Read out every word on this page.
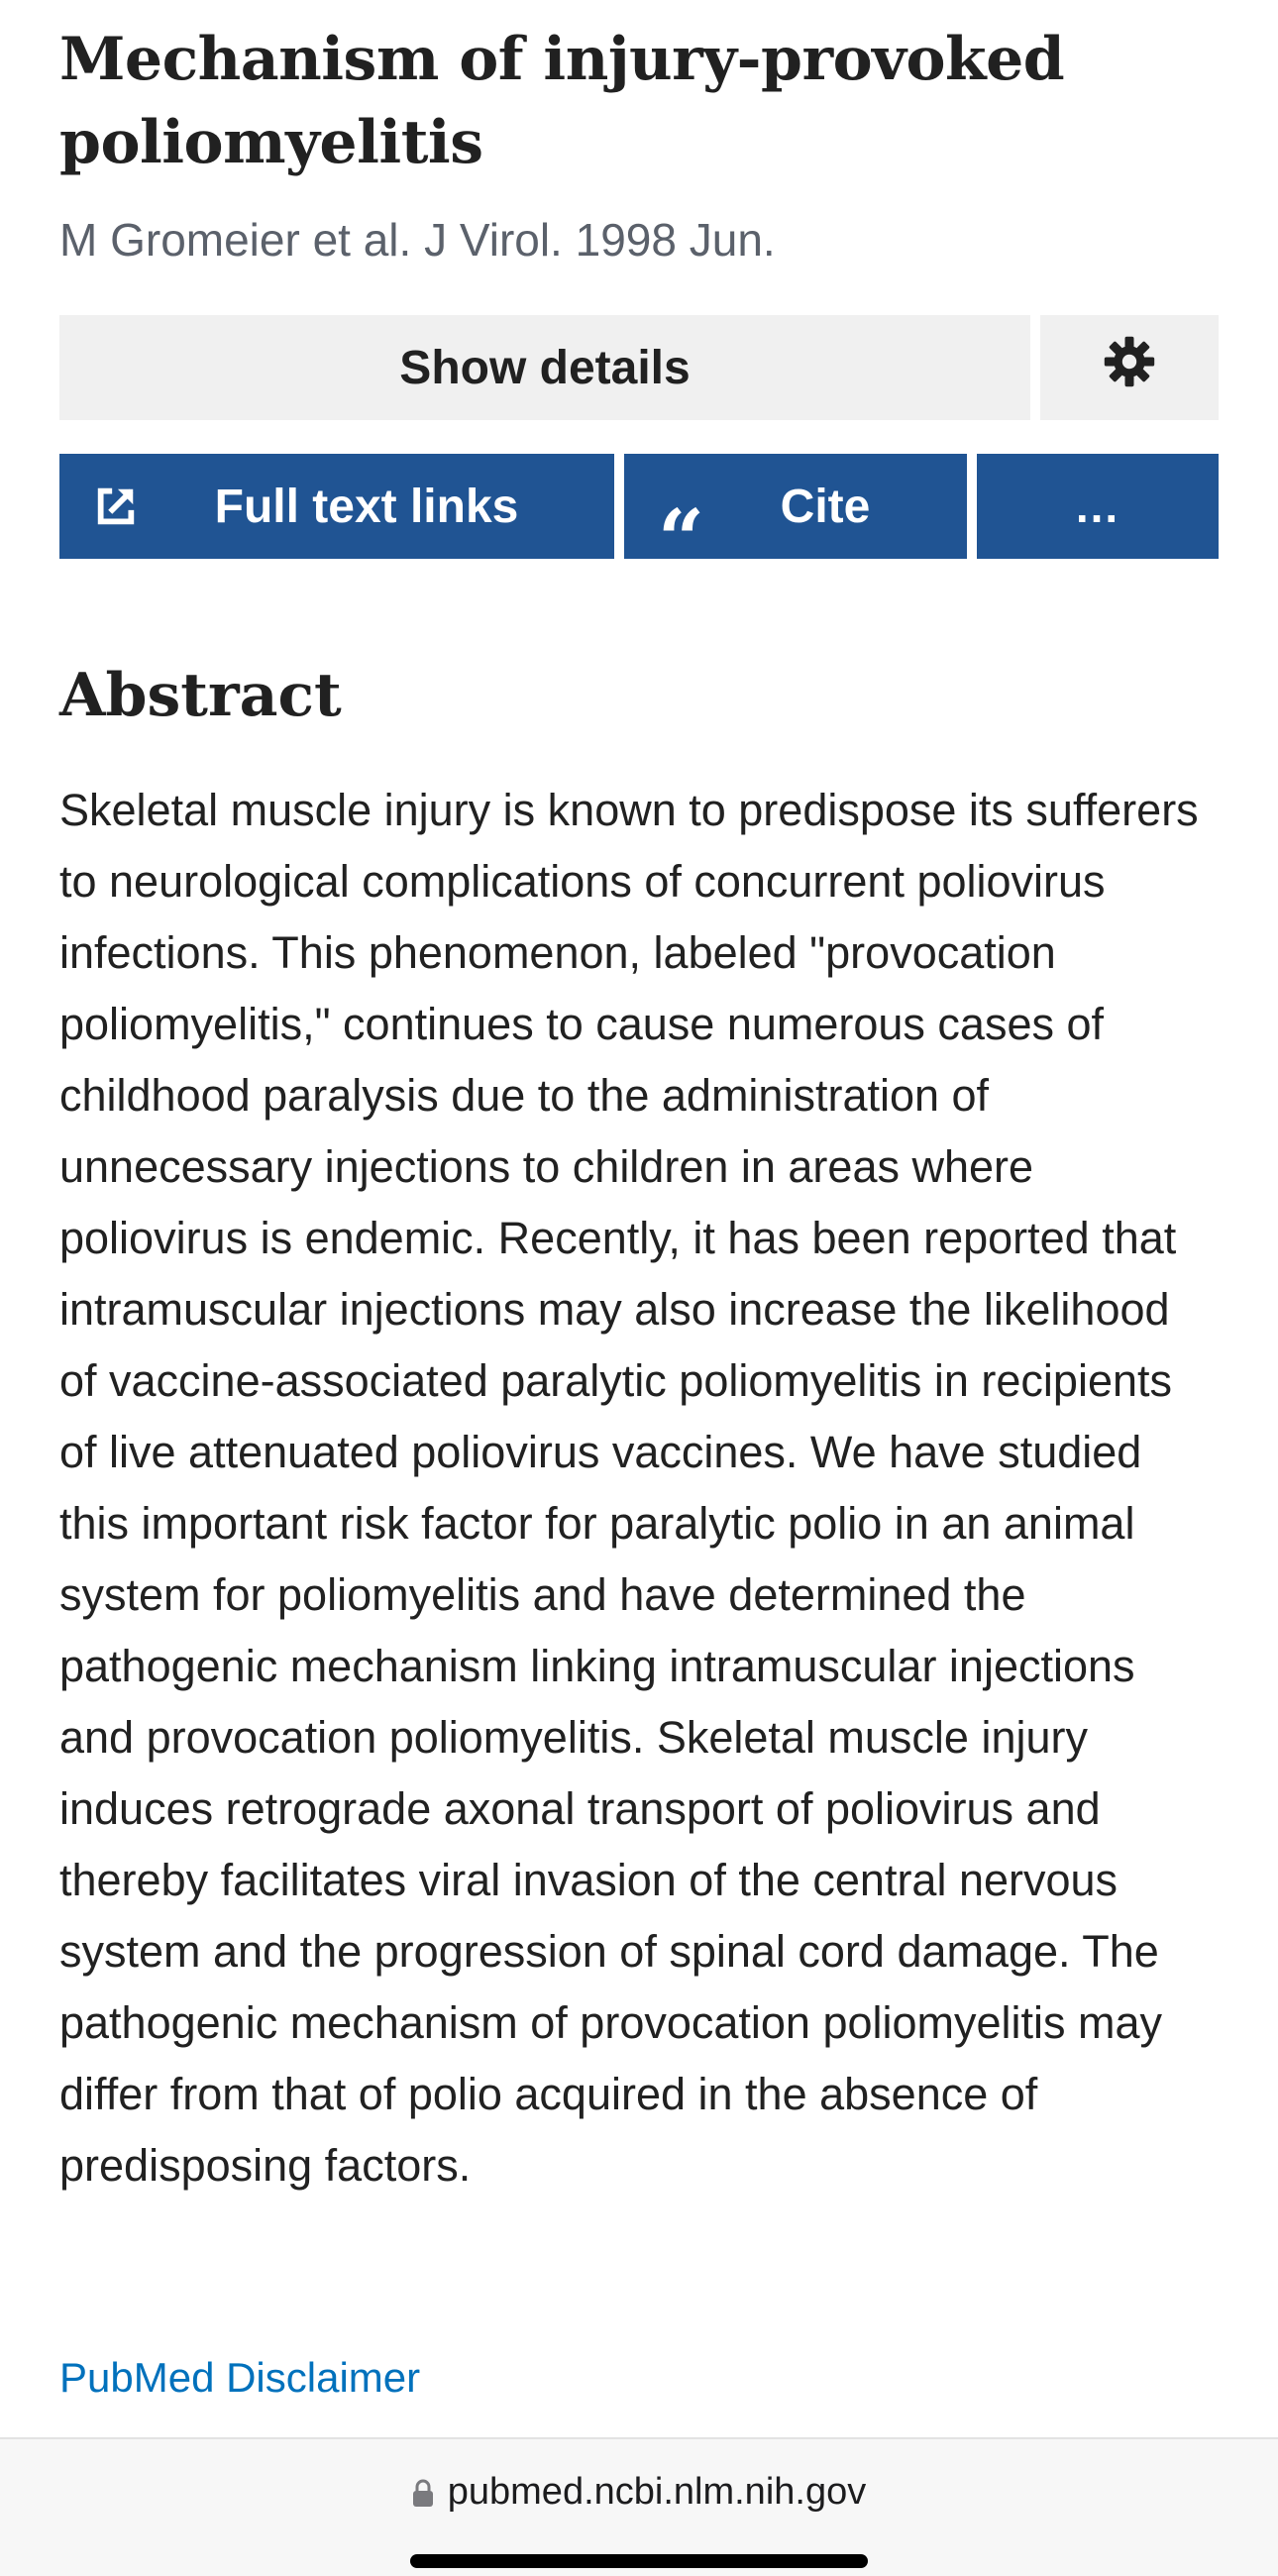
Mechanism of injury-provoked poliomyelitis
M Gromeier et al. J Virol. 1998 Jun.
Show details
Full text links “ Cite	...
Abstract

Skeletal muscle injury is known to predispose its sufferers to neurological complications of concurrent poliovirus infections. This phenomenon, labeled "provocation poliomyelitis," continues to cause numerous cases of childhood paralysis due to the administration of unnecessary injections to children in areas where poliovirus is endemic. Recently, it has been reported that intramuscular injections may also increase the likelihood of vaccine-associated paralytic poliomyelitis in recipients of live attenuated poliovirus vaccines. We have studied this important risk factor for paralytic polio in an animal system for poliomyelitis and have determined the pathogenic mechanism linking intramuscular injections and provocation poliomyelitis. Skeletal muscle injury induces retrograde axonal transport of poliovirus and thereby facilitates viral invasion of the central nervous system and the progression of spinal cord damage. The pathogenic mechanism of provocation poliomyelitis may differ from that of polio acquired in the absence of predisposing factors.

PubMed Disclaimer
pubmed.ncbi.nlm.nih.gov
